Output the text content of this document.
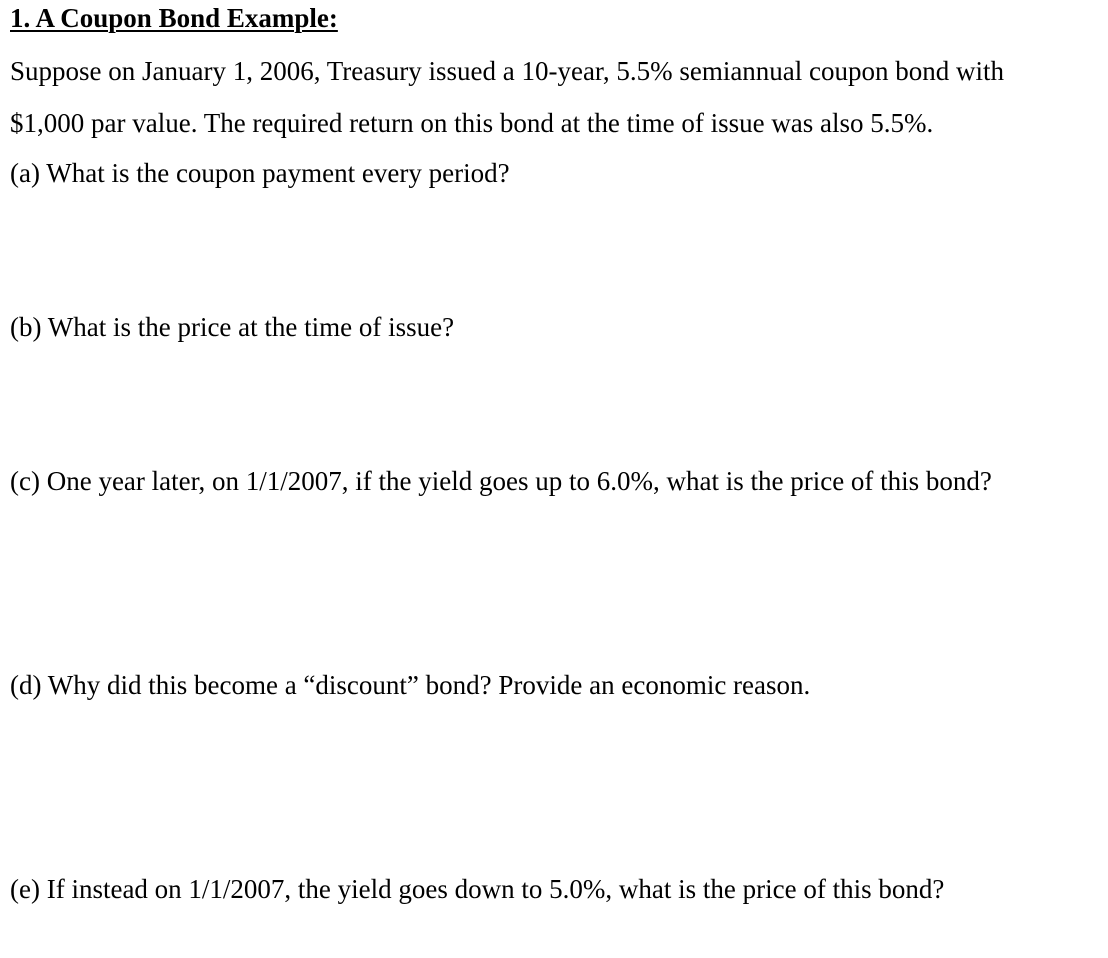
1. A Coupon Bond Example:
Suppose on January 1, 2006, Treasury issued a 10-year, 5.5% semiannual coupon bond with
$1,000 par value. The required return on this bond at the time of issue was also 5.5%.
(a) What is the coupon payment every period?
(b) What is the price at the time of issue?
(c) One year later, on 1/1/2007, if the yield goes up to 6.0%, what is the price of this bond?
(d) Why did this become a “discount” bond? Provide an economic reason.
(e) If instead on 1/1/2007, the yield goes down to 5.0%, what is the price of this bond?
